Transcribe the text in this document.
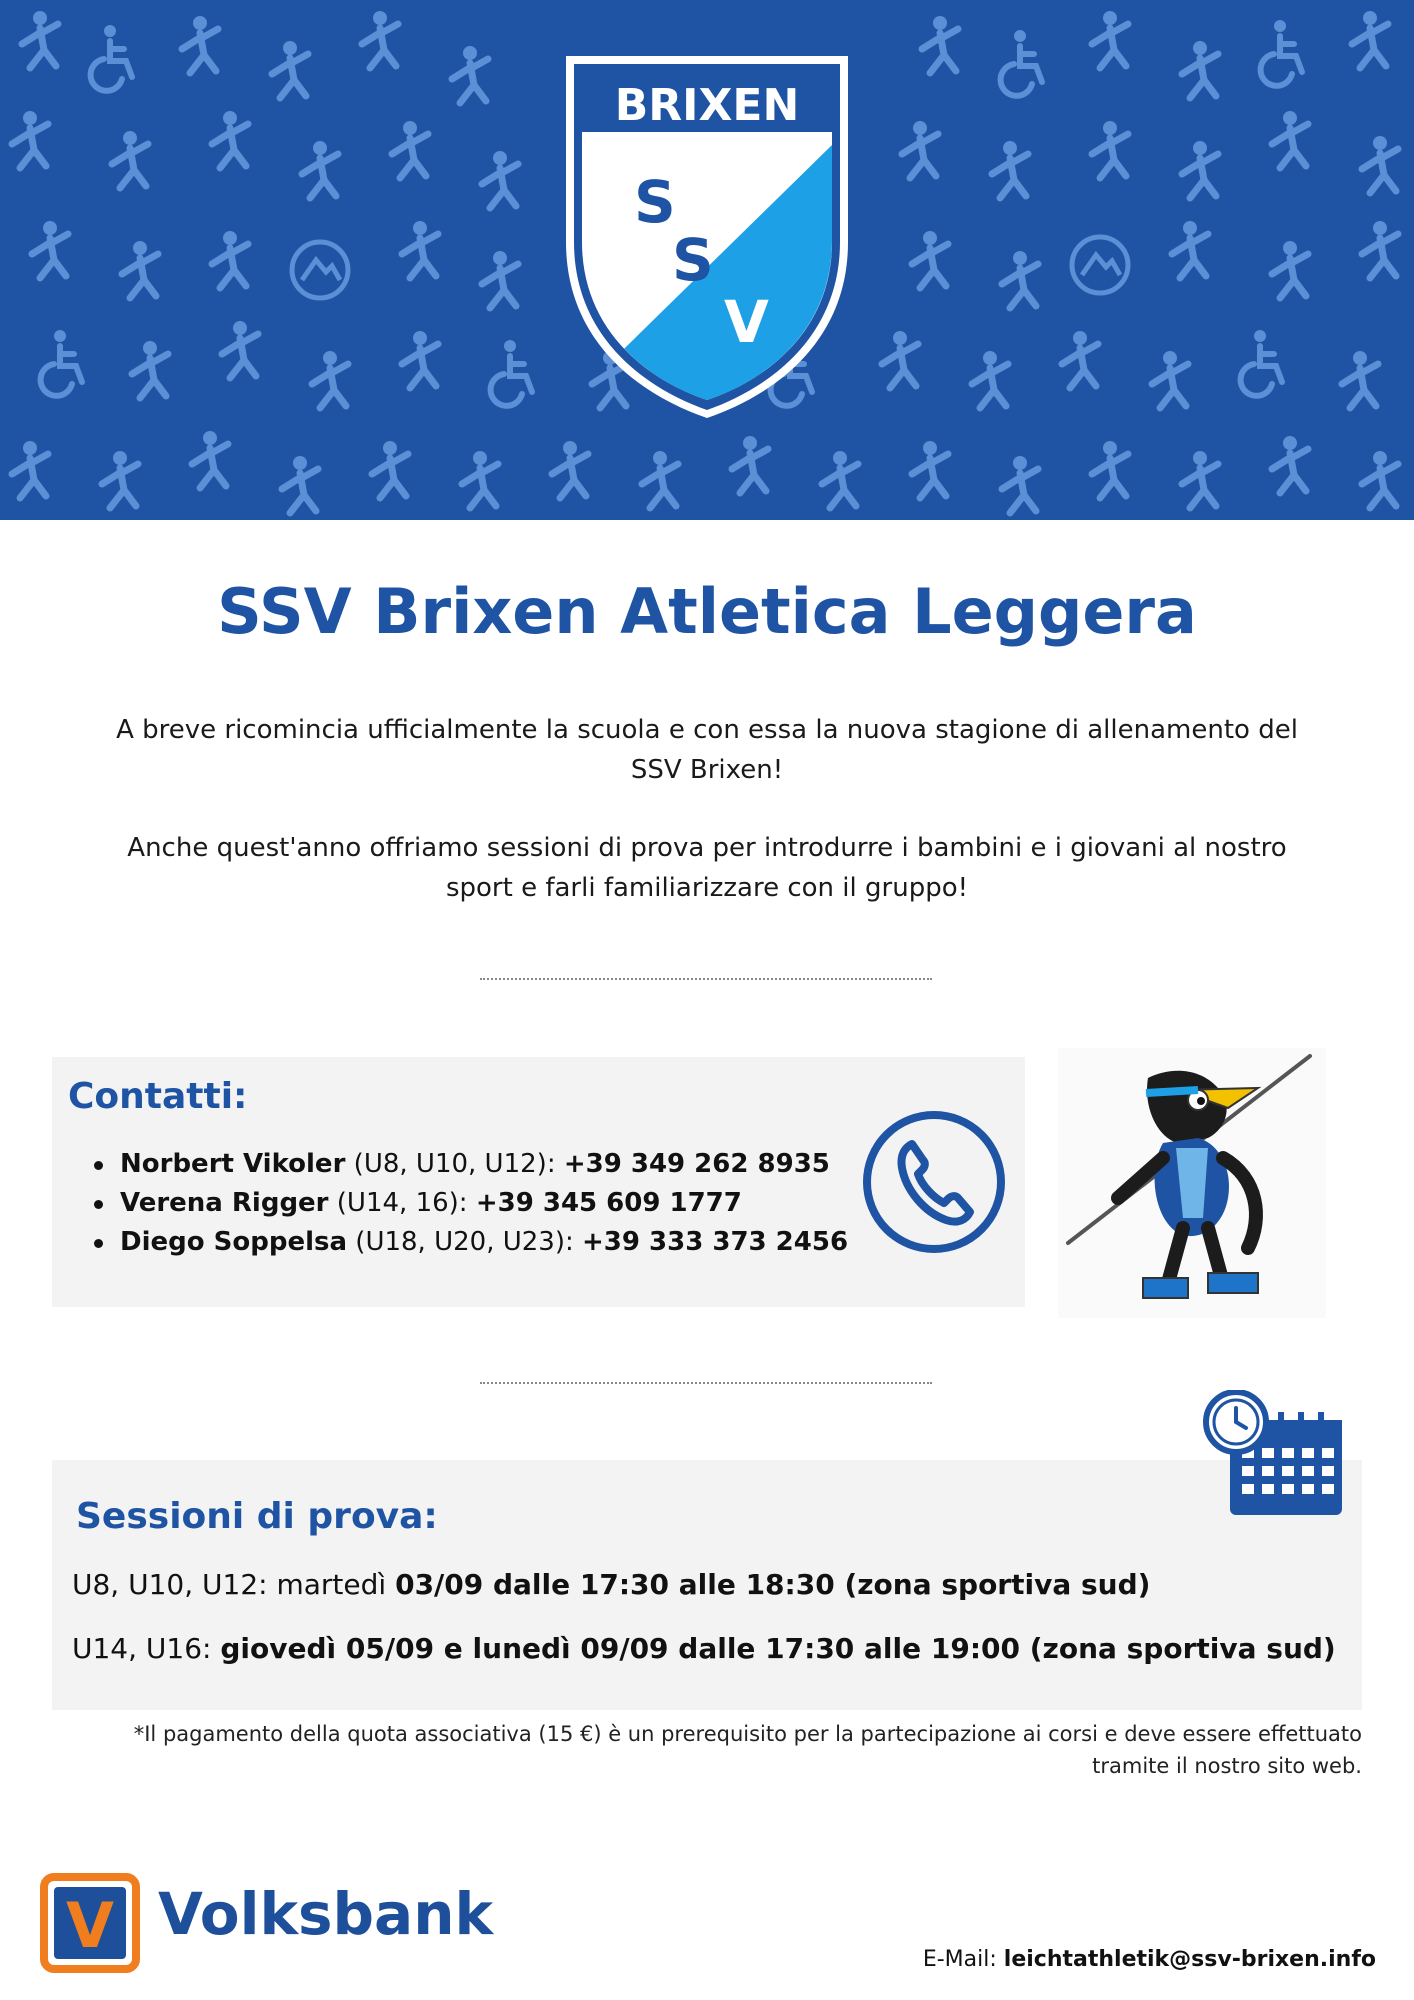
BRIXEN
S
S
V
SSV Brixen Atletica Leggera

A breve ricomincia ufficialmente la scuola e con essa la nuova stagione di allenamento del SSV Brixen!

Anche quest'anno offriamo sessioni di prova per introdurre i bambini e i giovani al nostro sport e farli familiarizzare con il gruppo!

Contatti:
Norbert Vikoler (U8, U10, U12): +39 349 262 8935
Verena Rigger (U14, 16): +39 345 609 1777
Diego Soppelsa (U18, U20, U23): +39 333 373 2456
Sessioni di prova:
U8, U10, U12: martedì 03/09 dalle 17:30 alle 18:30 (zona sportiva sud)
U14, U16: giovedì 05/09 e lunedì 09/09 dalle 17:30 alle 19:00 (zona sportiva sud)
*Il pagamento della quota associativa (15 €) è un prerequisito per la partecipazione ai corsi e deve essere effettuato
tramite il nostro sito web.
V Volksbank
E-Mail: leichtathletik@ssv-brixen.info
